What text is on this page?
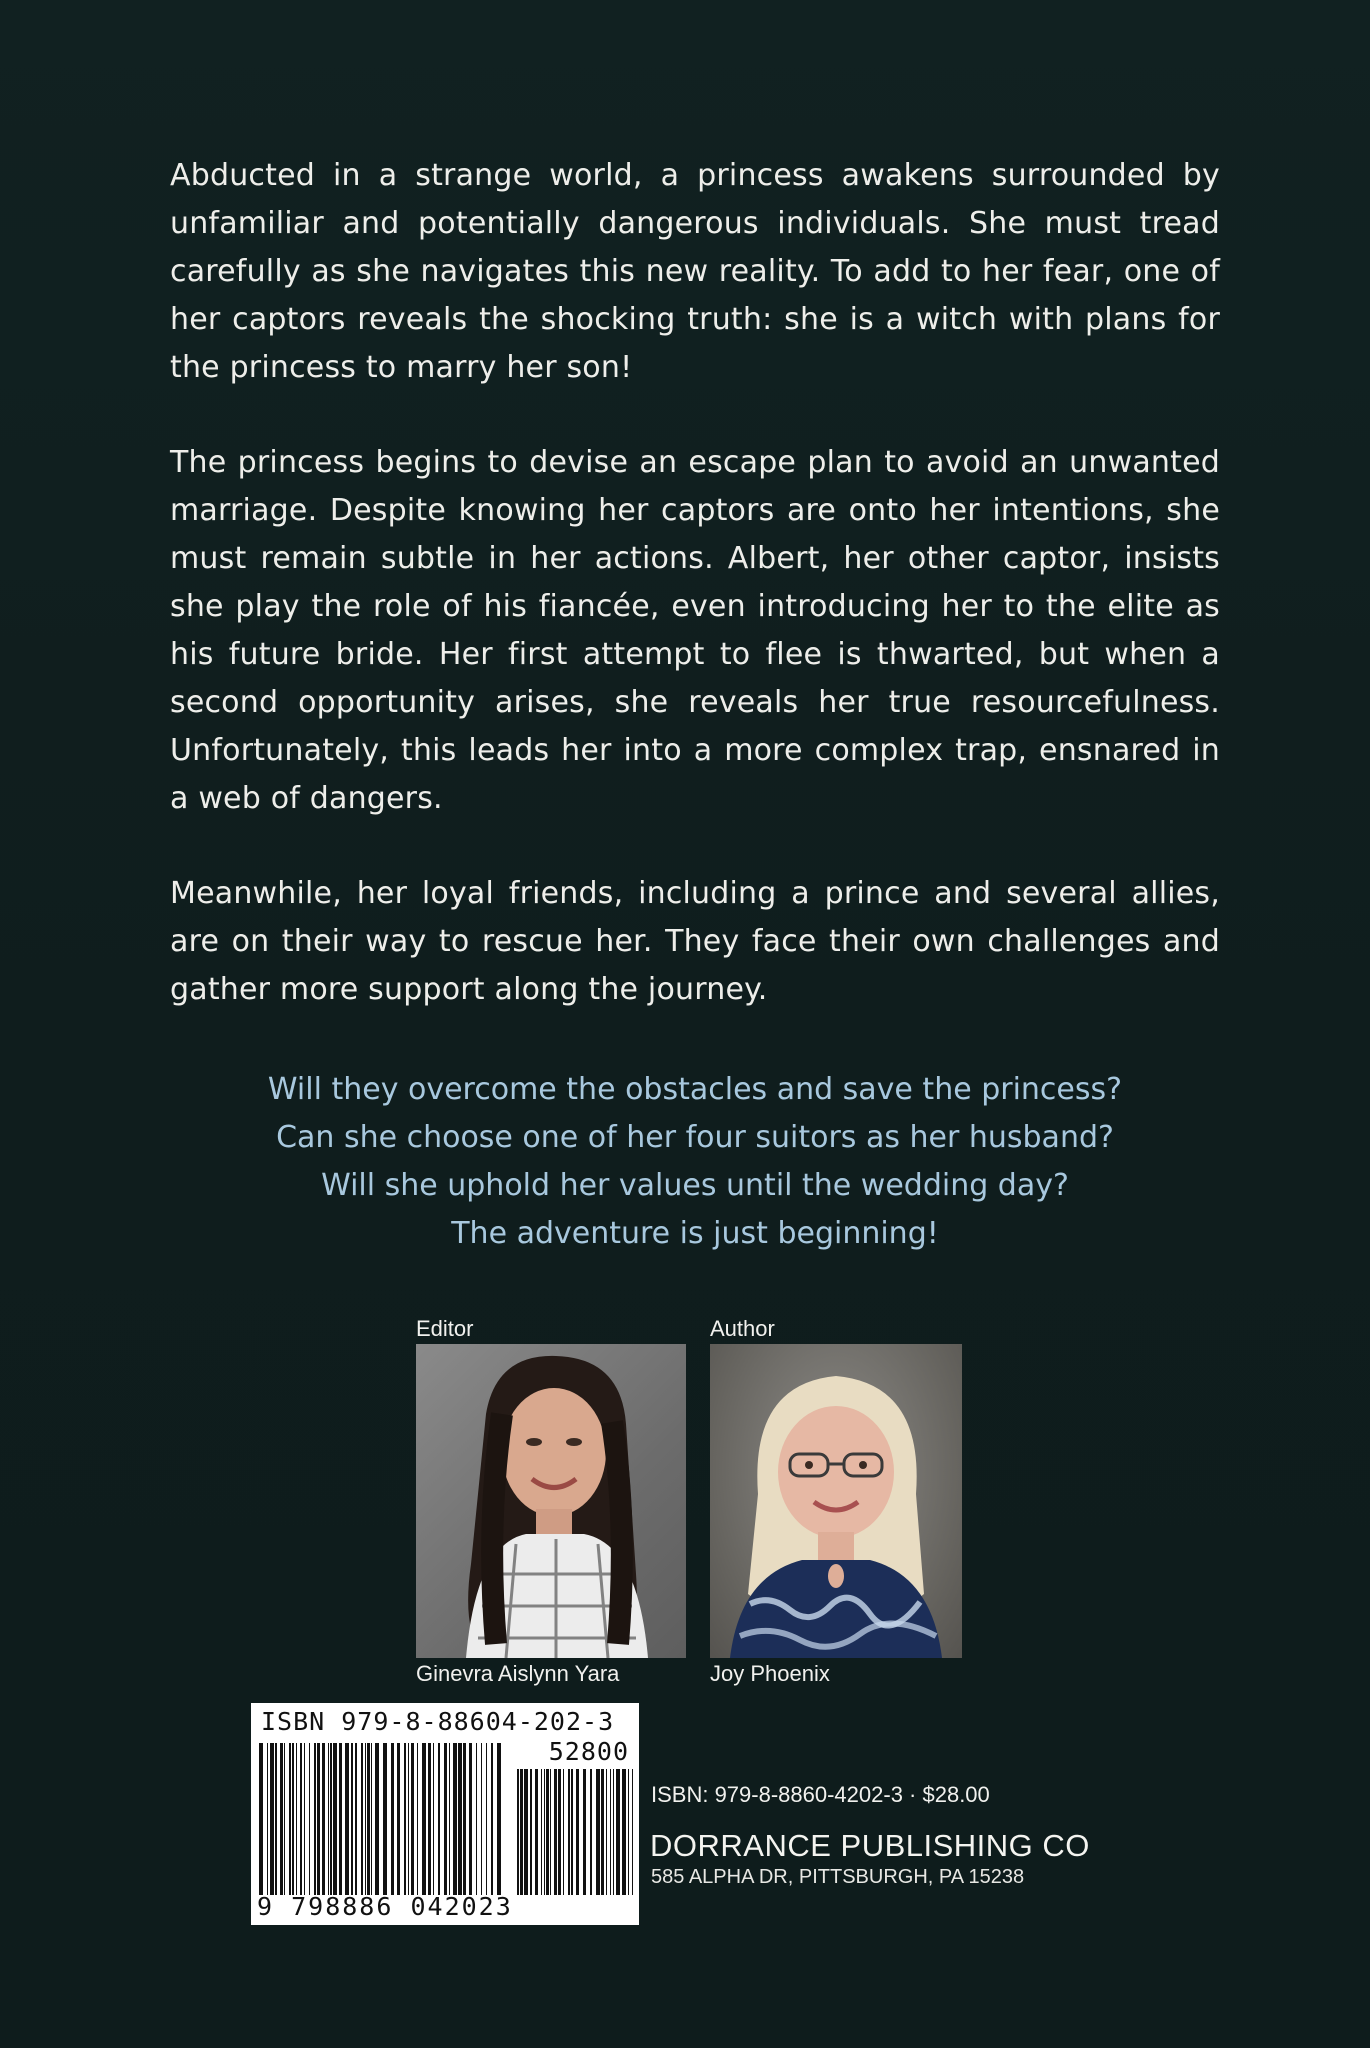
Abducted in a strange world, a princess awakens surrounded by unfamiliar and potentially dangerous individuals. She must tread carefully as she navigates this new reality. To add to her fear, one of her captors reveals the shocking truth: she is a witch with plans for the princess to marry her son!

The princess begins to devise an escape plan to avoid an unwanted marriage. Despite knowing her captors are onto her intentions, she must remain subtle in her actions. Albert, her other captor, insists she play the role of his fiancée, even introducing her to the elite as his future bride. Her first attempt to flee is thwarted, but when a second opportunity arises, she reveals her true resourcefulness. Unfortunately, this leads her into a more complex trap, ensnared in a web of dangers.

Meanwhile, her loyal friends, including a prince and several allies, are on their way to rescue her. They face their own challenges and gather more support along the journey.

Will they overcome the obstacles and save the princess?
Can she choose one of her four suitors as her husband?
Will she uphold her values until the wedding day?
The adventure is just beginning!
Editor
Ginevra Aislynn Yara
Author
Joy Phoenix
ISBN 979-8-88604-202-3
52800
9 798886 042023
ISBN: 979-8-8860-4202-3 · $28.00
DORRANCE PUBLISHING CO
585 ALPHA DR, PITTSBURGH, PA 15238
